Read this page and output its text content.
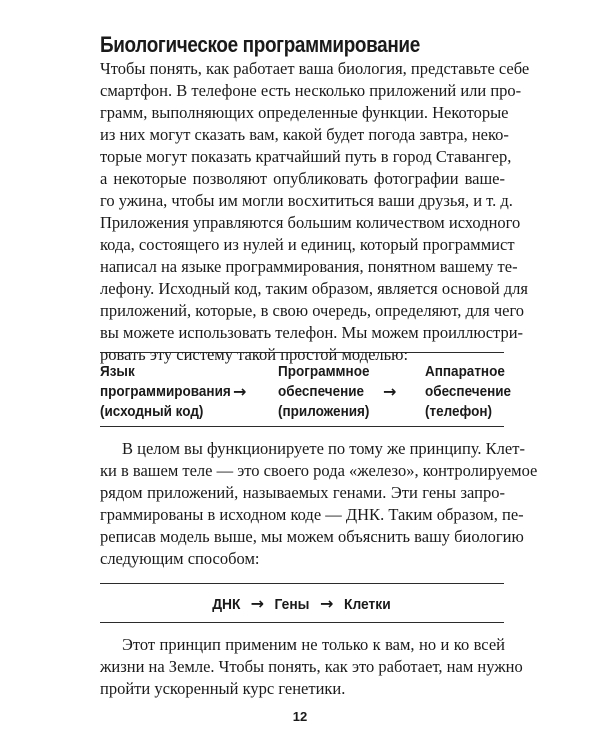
Биологическое программирование

Чтобы понять, как работает ваша биология, представьте себе
смартфон. В телефоне есть несколько приложений или про-
грамм, выполняющих определенные функции. Некоторые
из них могут сказать вам, какой будет погода завтра, неко-
торые могут показать кратчайший путь в город Ставангер,
а некоторые позволяют опубликовать фотографии ваше-
го ужина, чтобы им могли восхититься ваши друзья, и т. д.
Приложения управляются большим количеством исходного
кода, состоящего из нулей и единиц, который программист
написал на языке программирования, понятном вашему те-
лефону. Исходный код, таким образом, является основой для
приложений, которые, в свою очередь, определяют, для чего
вы можете использовать телефон. Мы можем проиллюстри-
ровать эту систему такой простой моделью:

Язык
программирования
(исходный код)
→
Программное
обеспечение
(приложения)
→
Аппаратное
обеспечение
(телефон)

В целом вы функционируете по тому же принципу. Клет-
ки в вашем теле — это своего рода «железо», контролируемое
рядом приложений, называемых генами. Эти гены запро-
граммированы в исходном коде — ДНК. Таким образом, пе-
реписав модель выше, мы можем объяснить вашу биологию
следующим способом:

ДНК → Гены → Клетки

Этот принцип применим не только к вам, но и ко всей
жизни на Земле. Чтобы понять, как это работает, нам нужно
пройти ускоренный курс генетики.

12
